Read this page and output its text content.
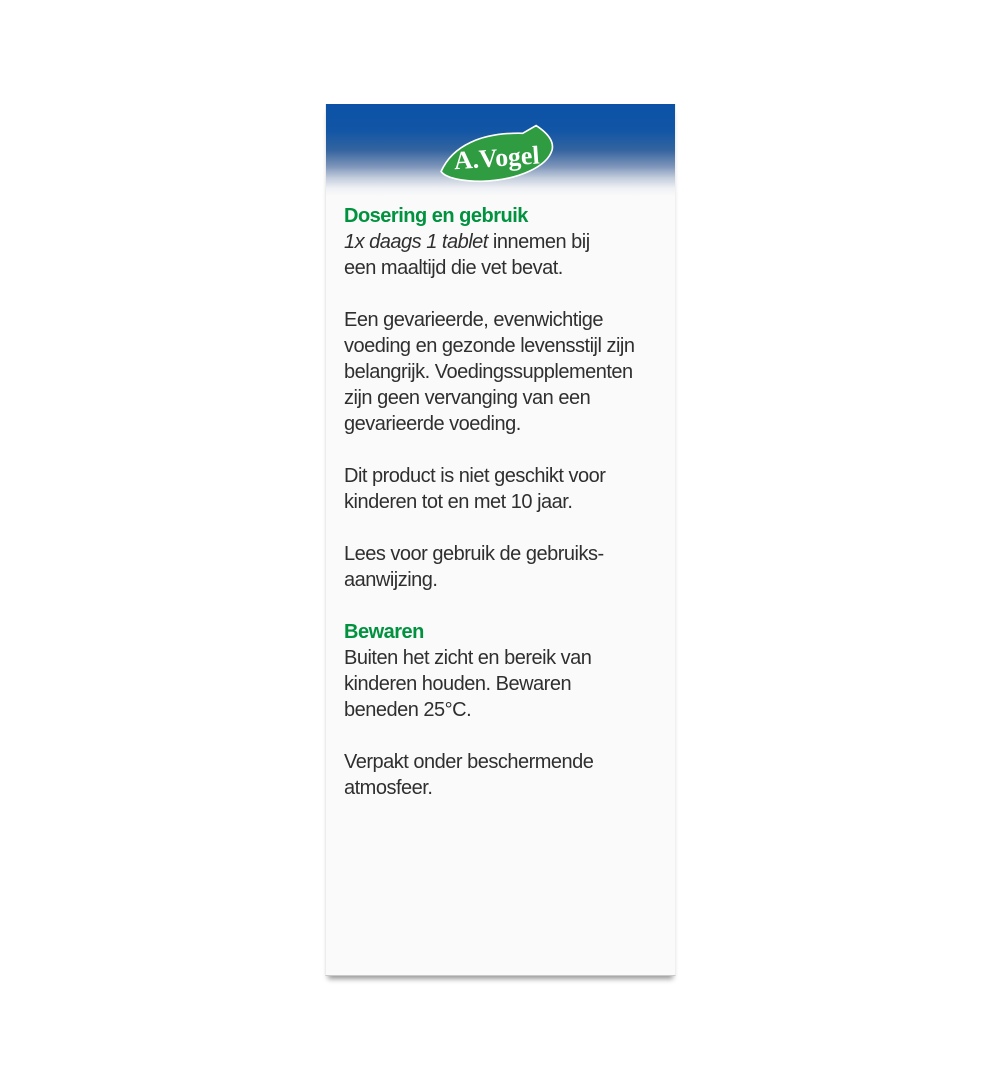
A.Vogel
Dosering en gebruik
1x daags 1 tablet innemen bij
een maaltijd die vet bevat.
Een gevarieerde, evenwichtige
voeding en gezonde levensstijl zijn
belangrijk. Voedingssupplementen
zijn geen vervanging van een
gevarieerde voeding.
Dit product is niet geschikt voor
kinderen tot en met 10 jaar.
Lees voor gebruik de gebruiks-
aanwijzing.
Bewaren
Buiten het zicht en bereik van
kinderen houden. Bewaren
beneden 25°C.
Verpakt onder beschermende
atmosfeer.
